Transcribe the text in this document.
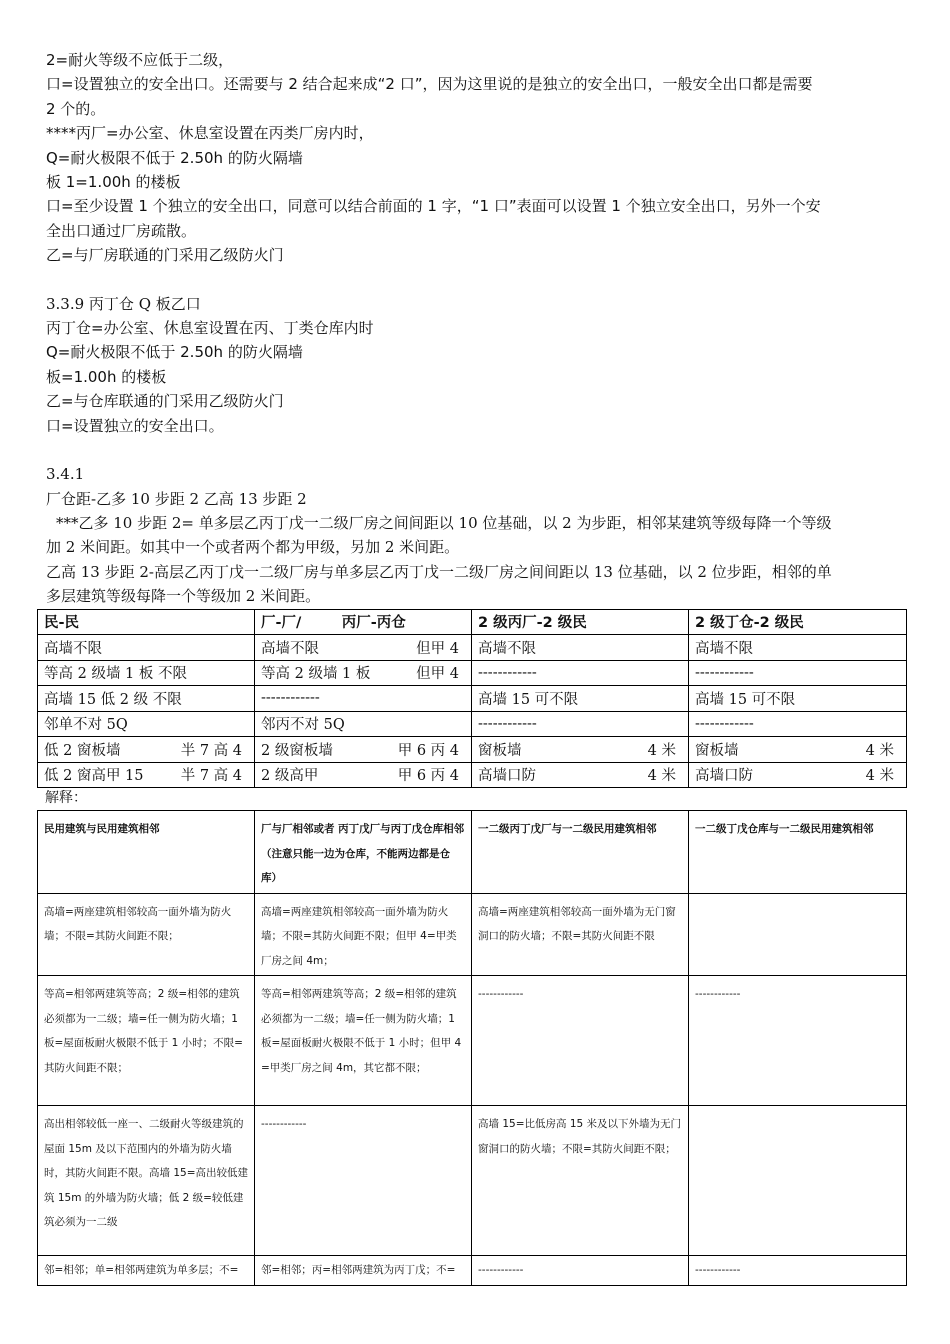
2=耐火等级不应低于二级，
口=设置独立的安全出口。还需要与 2 结合起来成“2 口”，因为这里说的是独立的安全出口，一般安全出口都是需要
2 个的。
****丙厂=办公室、休息室设置在丙类厂房内时，
Q=耐火极限不低于 2.50h 的防火隔墙
板 1=1.00h 的楼板
口=至少设置 1 个独立的安全出口，同意可以结合前面的 1 字，“1 口”表面可以设置 1 个独立安全出口，另外一个安
全出口通过厂房疏散。
乙=与厂房联通的门采用乙级防火门
3.3.9 丙丁仓 Q 板乙口
丙丁仓=办公室、休息室设置在丙、丁类仓库内时
Q=耐火极限不低于 2.50h 的防火隔墙
板=1.00h 的楼板
乙=与仓库联通的门采用乙级防火门
口=设置独立的安全出口。
3.4.1
厂仓距-乙多 10 步距 2 乙高 13 步距 2
***乙多 10 步距 2= 单多层乙丙丁戊一二级厂房之间间距以 10 位基础，以 2 为步距，相邻某建筑等级每降一个等级
加 2 米间距。如其中一个或者两个都为甲级，另加 2 米间距。
乙高 13 步距 2-高层乙丙丁戊一二级厂房与单多层乙丙丁戊一二级厂房之间间距以 13 位基础，以 2 位步距，相邻的单
多层建筑等级每降一个等级加 2 米间距。
民-民	厂-厂/        丙厂-丙仓	2 级丙厂-2 级民	2 级丁仓-2 级民

高墙不限	高墙不限 但甲 4	高墙不限	高墙不限

等高 2 级墙 1 板 不限	等高 2 级墙 1 板 但甲 4	------------	------------

高墙 15 低 2 级 不限	------------	高墙 15 可不限	高墙 15 可不限

邻单不对 5Q	邻丙不对 5Q	------------	------------

低 2 窗板墙 半 7 高 4	2 级窗板墙 甲 6 丙 4	窗板墙 4 米	窗板墙 4 米

低 2 窗高甲 15 半 7 高 4	2 级高甲 甲 6 丙 4	高墙口防 4 米	高墙口防 4 米
解释：
民用建筑与民用建筑相邻	厂与厂相邻或者 丙丁戊厂与丙丁戊仓库相邻（注意只能一边为仓库，不能两边都是仓库）	一二级丙丁戊厂与一二级民用建筑相邻	一二级丁戊仓库与一二级民用建筑相邻
高墙=两座建筑相邻较高一面外墙为防火墙；不限=其防火间距不限；	高墙=两座建筑相邻较高一面外墙为防火墙；不限=其防火间距不限；但甲 4=甲类厂房之间 4m；	高墙=两座建筑相邻较高一面外墙为无门窗洞口的防火墙；不限=其防火间距不限	
等高=相邻两建筑等高；2 级=相邻的建筑必须都为一二级；墙=任一侧为防火墙；1 板=屋面板耐火极限不低于 1 小时；不限=其防火间距不限；	等高=相邻两建筑等高；2 级=相邻的建筑必须都为一二级；墙=任一侧为防火墙；1 板=屋面板耐火极限不低于 1 小时；但甲 4=甲类厂房之间 4m，其它都不限；	------------	------------
高出相邻较低一座一、二级耐火等级建筑的屋面 15m 及以下范围内的外墙为防火墙时，其防火间距不限。高墙 15=高出较低建筑 15m 的外墙为防火墙；低 2 级=较低建筑必须为一二级	------------	高墙 15=比低房高 15 米及以下外墙为无门窗洞口的防火墙；不限=其防火间距不限；	
邻=相邻；单=相邻两建筑为单多层；不=	邻=相邻；丙=相邻两建筑为丙丁戊；不=	------------	------------
